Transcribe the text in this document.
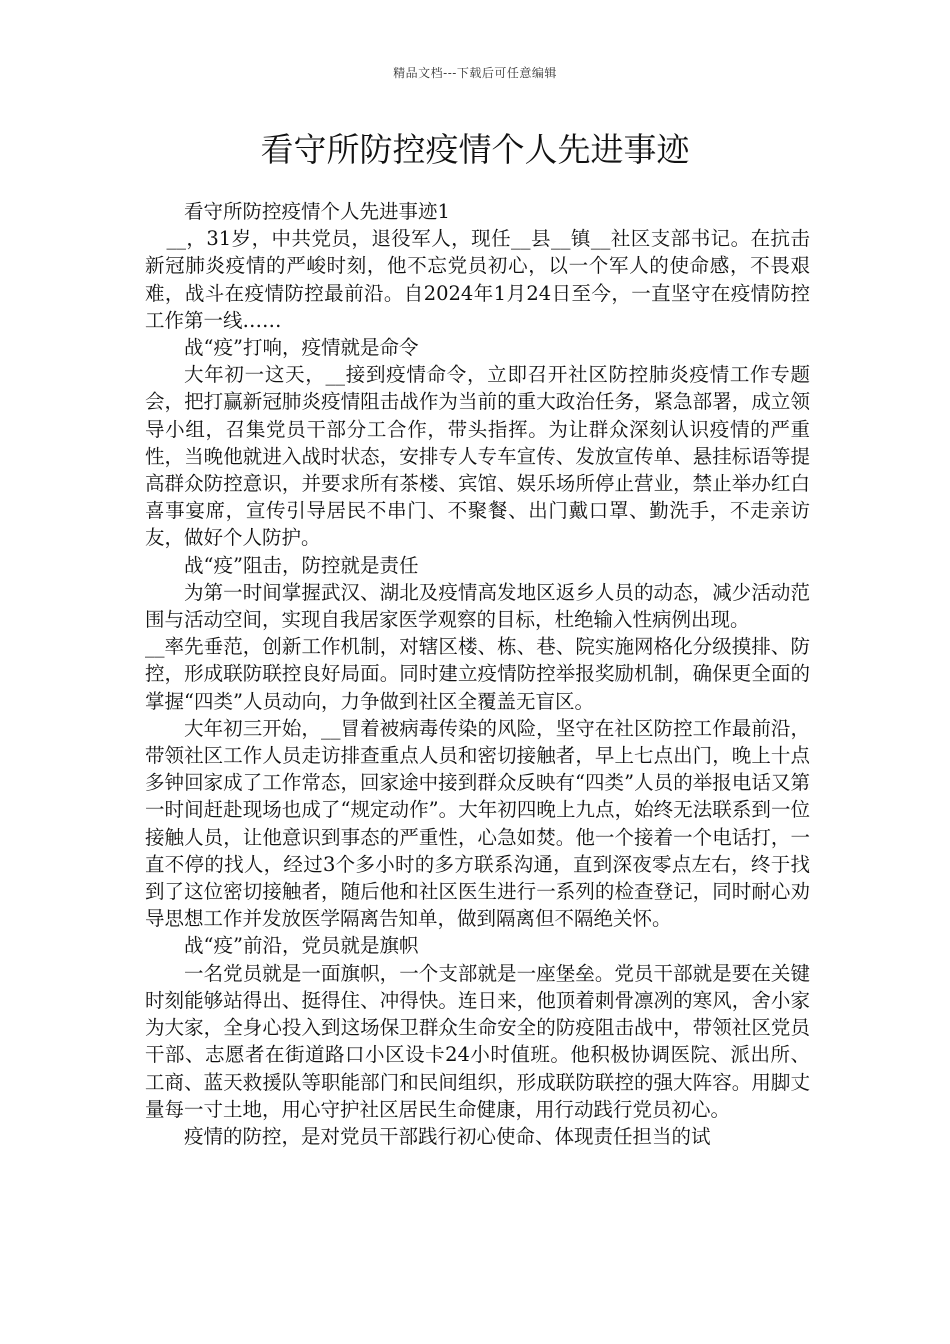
精品文档---下载后可任意编辑
看守所防控疫情个人先进事迹

看守所防控疫情个人先进事迹1

__，31岁，中共党员，退役军人，现任__县__镇__社区支部书记。在抗击新冠肺炎疫情的严峻时刻，他不忘党员初心，以一个军人的使命感，不畏艰难，战斗在疫情防控最前沿。自2024年1月24日至今，一直坚守在疫情防控工作第一线……

战“疫”打响，疫情就是命令

大年初一这天，__接到疫情命令，立即召开社区防控肺炎疫情工作专题会，把打赢新冠肺炎疫情阻击战作为当前的重大政治任务，紧急部署，成立领导小组，召集党员干部分工合作，带头指挥。为让群众深刻认识疫情的严重性，当晚他就进入战时状态，安排专人专车宣传、发放宣传单、悬挂标语等提高群众防控意识，并要求所有茶楼、宾馆、娱乐场所停止营业，禁止举办红白喜事宴席，宣传引导居民不串门、不聚餐、出门戴口罩、勤洗手，不走亲访友，做好个人防护。

战“疫”阻击，防控就是责任

为第一时间掌握武汉、湖北及疫情高发地区返乡人员的动态，减少活动范围与活动空间，实现自我居家医学观察的目标，杜绝输入性病例出现。

__率先垂范，创新工作机制，对辖区楼、栋、巷、院实施网格化分级摸排、防控，形成联防联控良好局面。同时建立疫情防控举报奖励机制，确保更全面的掌握“四类”人员动向，力争做到社区全覆盖无盲区。

大年初三开始，__冒着被病毒传染的风险，坚守在社区防控工作最前沿，带领社区工作人员走访排查重点人员和密切接触者，早上七点出门，晚上十点多钟回家成了工作常态，回家途中接到群众反映有“四类”人员的举报电话又第一时间赶赴现场也成了“规定动作”。大年初四晚上九点，始终无法联系到一位接触人员，让他意识到事态的严重性，心急如焚。他一个接着一个电话打，一直不停的找人，经过3个多小时的多方联系沟通，直到深夜零点左右，终于找到了这位密切接触者，随后他和社区医生进行一系列的检查登记，同时耐心劝导思想工作并发放医学隔离告知单，做到隔离但不隔绝关怀。

战“疫”前沿，党员就是旗帜

一名党员就是一面旗帜，一个支部就是一座堡垒。党员干部就是要在关键时刻能够站得出、挺得住、冲得快。连日来，他顶着刺骨凛冽的寒风，舍小家为大家，全身心投入到这场保卫群众生命安全的防疫阻击战中，带领社区党员干部、志愿者在街道路口小区设卡24小时值班。他积极协调医院、派出所、工商、蓝天救援队等职能部门和民间组织，形成联防联控的强大阵容。用脚丈量每一寸土地，用心守护社区居民生命健康，用行动践行党员初心。

疫情的防控，是对党员干部践行初心使命、体现责任担当的试
